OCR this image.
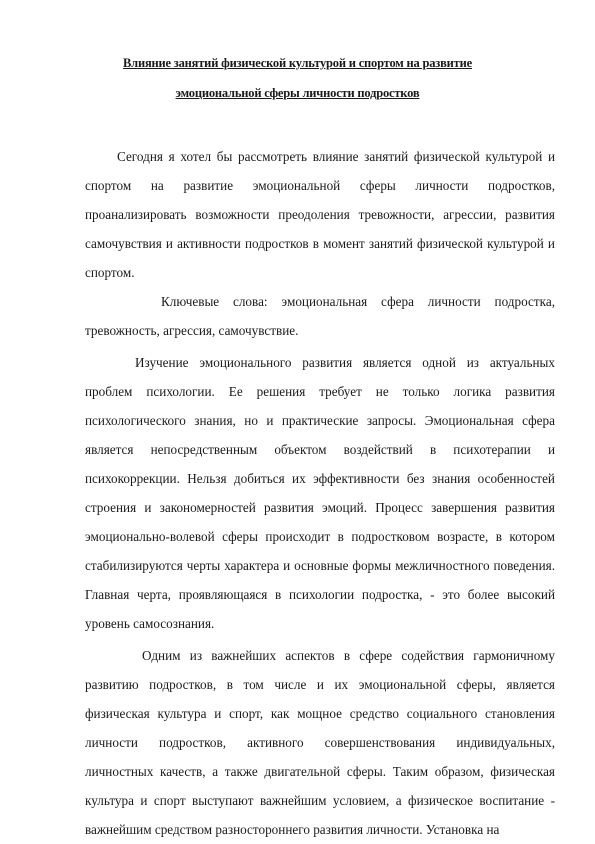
Влияние занятий физической культурой и спортом на развитие
эмоциональной сферы личности подростков

Сегодня я хотел бы рассмотреть влияние занятий физической культурой и спортом на развитие эмоциональной сферы личности подростков, проанализировать возможности преодоления тревожности, агрессии, развития самочувствия и активности подростков в момент занятий физической культурой и спортом.

Ключевые слова: эмоциональная сфера личности подростка, тревожность, агрессия, самочувствие.

Изучение эмоционального развития является одной из актуальных проблем психологии. Ее решения требует не только логика развития психологического знания, но и практические запросы. Эмоциональная сфера является непосредственным объектом воздействий в психотерапии и психокоррекции. Нельзя добиться их эффективности без знания особенностей строения и закономерностей развития эмоций. Процесс завершения развития эмоционально-волевой сферы происходит в подростковом возрасте, в котором стабилизируются черты характера и основные формы межличностного поведения. Главная черта, проявляющаяся в психологии подростка, - это более высокий уровень самосознания.

Одним из важнейших аспектов в сфере содействия гармоничному развитию подростков, в том числе и их эмоциональной сферы, является физическая культура и спорт, как мощное средство социального становления личности подростков, активного совершенствования индивидуальных, личностных качеств, а также двигательной сферы. Таким образом, физическая культура и спорт выступают важнейшим условием, а физическое воспитание - важнейшим средством разностороннего развития личности. Установка на
